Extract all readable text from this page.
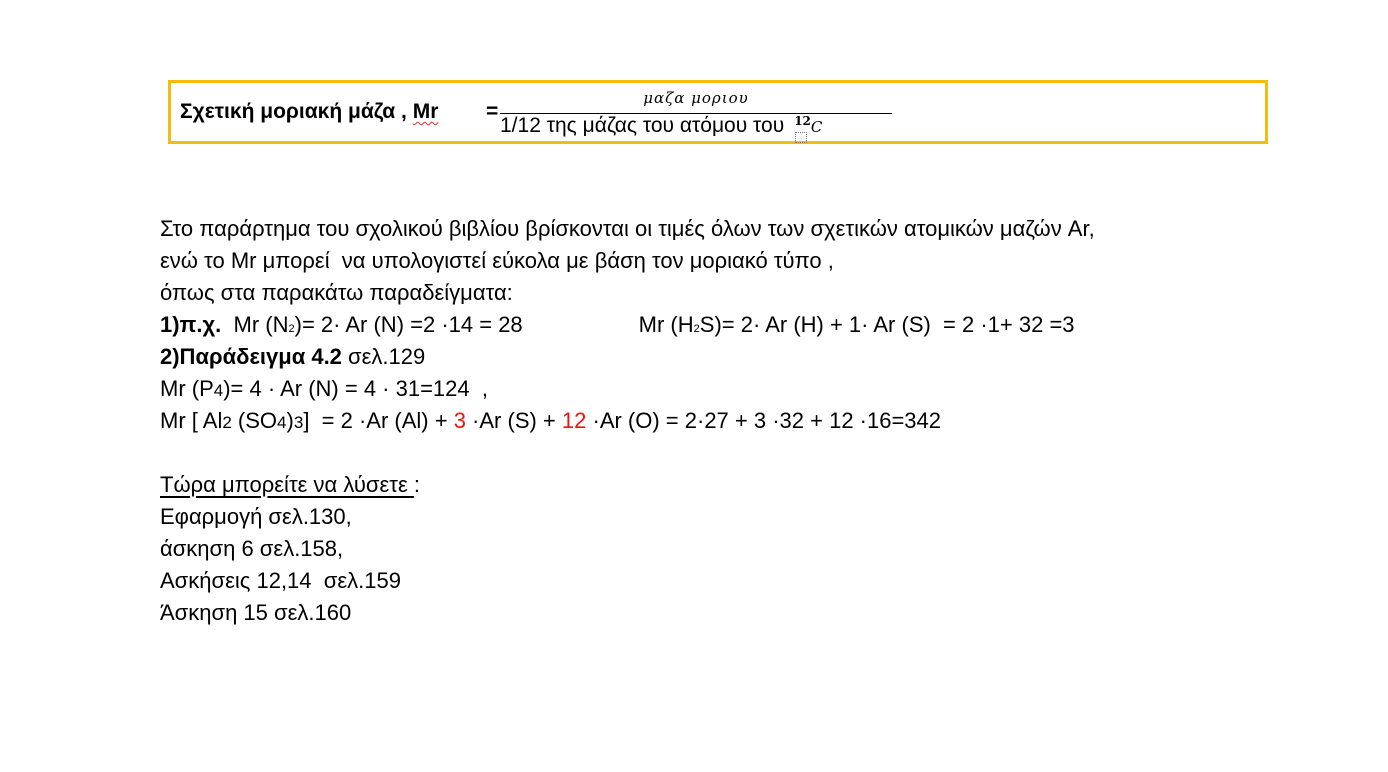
Σχετική μοριακή μάζα , Mr =
μαζα μοριου
1/12 της μάζας του ατόμου του $^{12}$C
Στο παράρτημα του σχολικού βιβλίου βρίσκονται οι τιμές όλων των σχετικών ατομικών μαζών Ar,
ενώ το Mr μπορεί  να υπολογιστεί εύκολα με βάση τον μοριακό τύπο ,
όπως στα παρακάτω παραδείγματα:
1)π.χ.  Mr (N2)= 2· Ar (N) =2 ·14 = 28	Mr (H2S)= 2· Ar (H) + 1· Ar (S)  = 2 ·1+ 32 =3
2)Παράδειγμα 4.2 σελ.129
Mr (P4)= 4 · Ar (N) = 4 · 31=124  ,
Mr [ Al2 (SO4)3]  = 2 ·Ar (Al) + 3 ·Ar (S) + 12 ·Ar (O) = 2·27 + 3 ·32 + 12 ·16=342
Τώρα μπορείτε να λύσετε :
Εφαρμογή σελ.130,
άσκηση 6 σελ.158,
Ασκήσεις 12,14  σελ.159
Άσκηση 15 σελ.160
